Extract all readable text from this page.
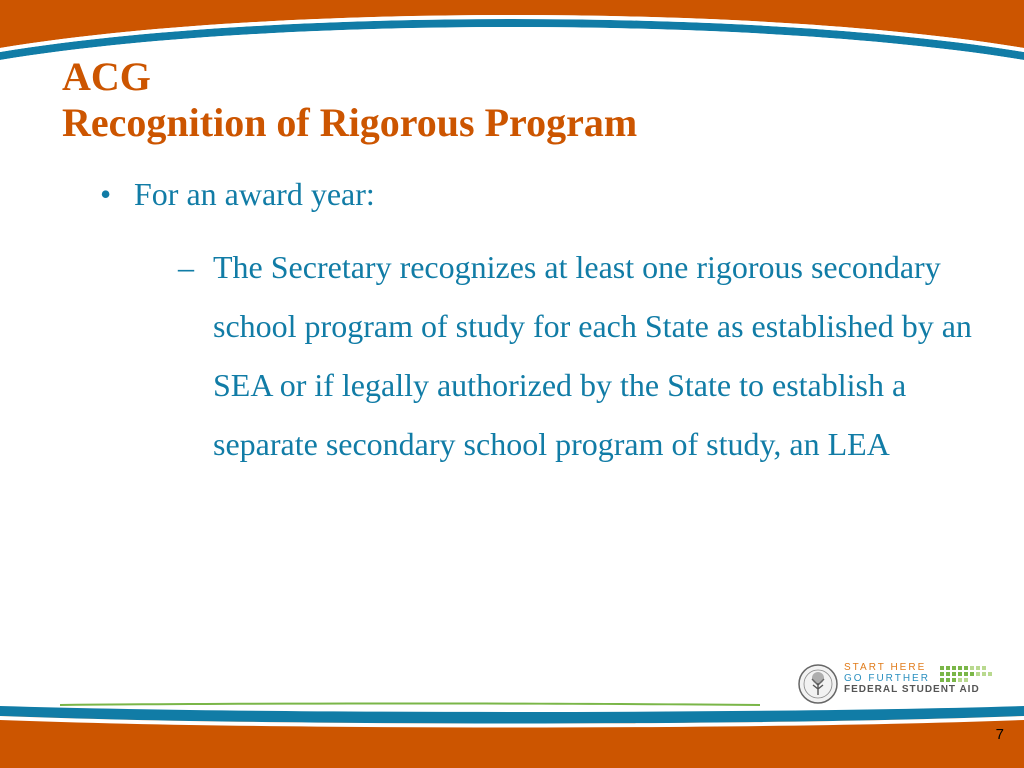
ACG
Recognition of Rigorous Program
• For an award year:
– The Secretary recognizes at least one rigorous secondary school program of study for each State as established by an SEA or if legally authorized by the State to establish a separate secondary school program of study, an LEA
START HERE
GO FURTHER
FEDERAL STUDENT AID
7
